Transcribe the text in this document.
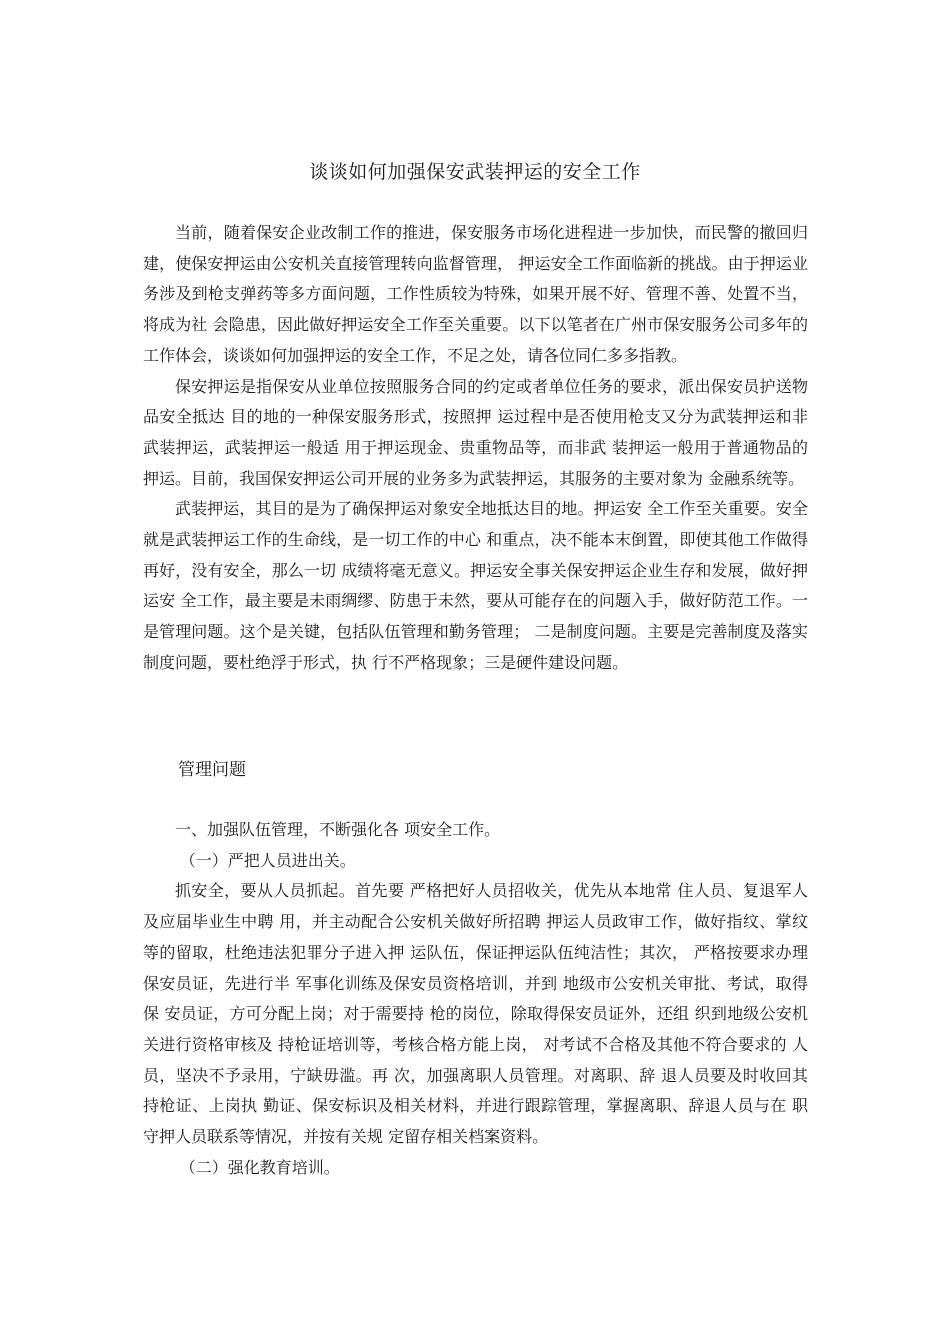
谈谈如何加强保安武装押运的安全工作

当前，随着保安企业改制工作的推进，保安服务市场化进程进一步加快，而民警的撤回归建，使保安押运由公安机关直接管理转向监督管理， 押运安全工作面临新的挑战。由于押运业务涉及到枪支弹药等多方面问题，工作性质较为特殊，如果开展不好、管理不善、处置不当，将成为社 会隐患，因此做好押运安全工作至关重要。以下以笔者在广州市保安服务公司多年的工作体会，谈谈如何加强押运的安全工作，不足之处，请各位同仁多多指教。

保安押运是指保安从业单位按照服务合同的约定或者单位任务的要求，派出保安员护送物品安全抵达 目的地的一种保安服务形式，按照押 运过程中是否使用枪支又分为武装押运和非武装押运，武装押运一般适 用于押运现金、贵重物品等，而非武 装押运一般用于普通物品的押运。目前，我国保安押运公司开展的业务多为武装押运，其服务的主要对象为 金融系统等。

武装押运，其目的是为了确保押运对象安全地抵达目的地。押运安 全工作至关重要。安全就是武装押运工作的生命线，是一切工作的中心 和重点，决不能本末倒置，即使其他工作做得再好，没有安全，那么一切 成绩将毫无意义。押运安全事关保安押运企业生存和发展，做好押运安 全工作，最主要是未雨绸缪、防患于未然，要从可能存在的问题入手，做好防范工作。一是管理问题。这个是关键，包括队伍管理和勤务管理； 二是制度问题。主要是完善制度及落实制度问题，要杜绝浮于形式，执 行不严格现象；三是硬件建设问题。

管理问题

一、加强队伍管理，不断强化各 项安全工作。

（一）严把人员进出关。

抓安全，要从人员抓起。首先要 严格把好人员招收关，优先从本地常 住人员、复退军人及应届毕业生中聘 用，并主动配合公安机关做好所招聘 押运人员政审工作，做好指纹、掌纹 等的留取，杜绝违法犯罪分子进入押 运队伍，保证押运队伍纯洁性；其次， 严格按要求办理保安员证，先进行半 军事化训练及保安员资格培训，并到 地级市公安机关审批、考试，取得保 安员证，方可分配上岗；对于需要持 枪的岗位，除取得保安员证外，还组 织到地级公安机关进行资格审核及 持枪证培训等，考核合格方能上岗， 对考试不合格及其他不符合要求的 人员，坚决不予录用，宁缺毋滥。再 次，加强离职人员管理。对离职、辞 退人员要及时收回其持枪证、上岗执 勤证、保安标识及相关材料，并进行跟踪管理，掌握离职、辞退人员与在 职守押人员联系等情况，并按有关规 定留存相关档案资料。

（二）强化教育培训。
